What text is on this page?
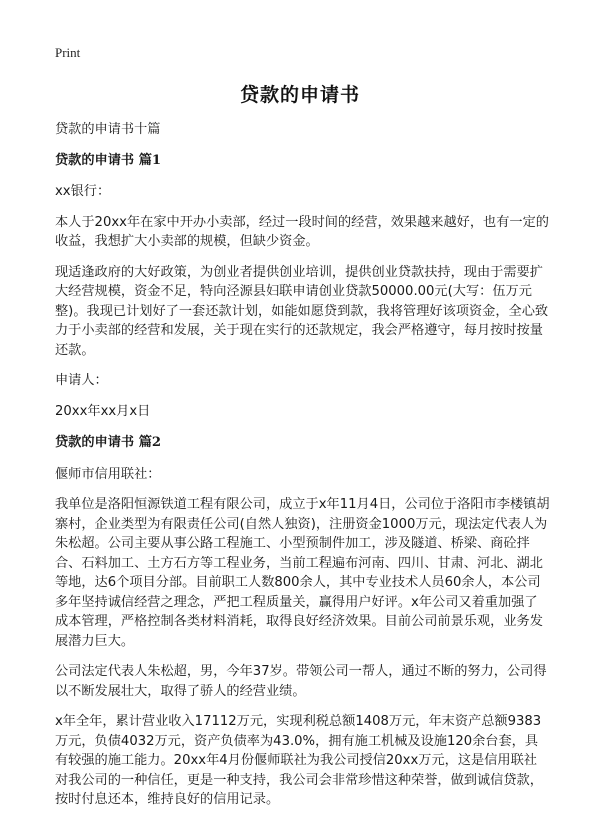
Print
贷款的申请书

贷款的申请书十篇

贷款的申请书 篇1

xx银行：

本人于20xx年在家中开办小卖部，经过一段时间的经营，效果越来越好，也有一定的收益，我想扩大小卖部的规模，但缺少资金。

现适逢政府的大好政策，为创业者提供创业培训，提供创业贷款扶持，现由于需要扩大经营规模，资金不足，特向泾源县妇联申请创业贷款50000.00元(大写：伍万元整)。我现已计划好了一套还款计划，如能如愿贷到款，我将管理好该项资金，全心致力于小卖部的经营和发展，关于现在实行的还款规定，我会严格遵守，每月按时按量还款。

申请人：

20xx年xx月x日

贷款的申请书 篇2

偃师市信用联社：

我单位是洛阳恒源铁道工程有限公司，成立于x年11月4日，公司位于洛阳市李楼镇胡寨村，企业类型为有限责任公司(自然人独资)，注册资金1000万元，现法定代表人为朱松超。公司主要从事公路工程施工、小型预制件加工，涉及隧道、桥梁、商砼拌合、石料加工、土方石方等工程业务，当前工程遍布河南、四川、甘肃、河北、湖北等地，达6个项目分部。目前职工人数800余人，其中专业技术人员60余人，本公司多年坚持诚信经营之理念，严把工程质量关，赢得用户好评。x年公司又着重加强了成本管理，严格控制各类材料消耗，取得良好经济效果。目前公司前景乐观，业务发展潜力巨大。

公司法定代表人朱松超，男，今年37岁。带领公司一帮人，通过不断的努力，公司得以不断发展壮大，取得了骄人的经营业绩。

x年全年，累计营业收入17112万元，实现利税总额1408万元，年末资产总额9383万元，负债4032万元，资产负债率为43.0%，拥有施工机械及设施120余台套，具有较强的施工能力。20xx年4月份偃师联社为我公司授信20xx万元，这是信用联社对我公司的一种信任，更是一种支持，我公司会非常珍惜这种荣誉，做到诚信贷款，按时付息还本，维持良好的信用记录。
